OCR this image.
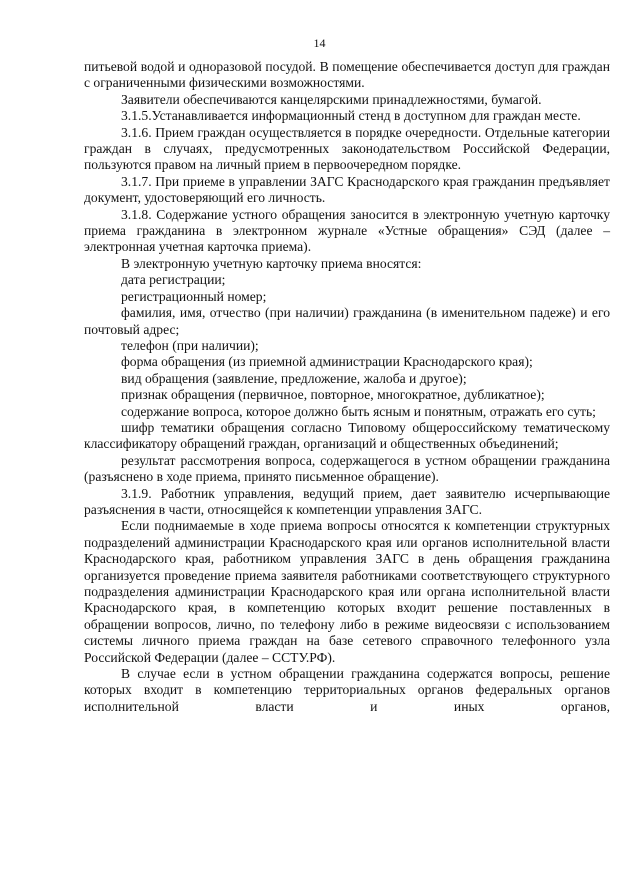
14

питьевой водой и одноразовой посудой. В помещение обеспечивается доступ для граждан с ограниченными физическими возможностями.

Заявители обеспечиваются канцелярскими принадлежностями, бумагой.

3.1.5.Устанавливается информационный стенд в доступном для граждан месте.

3.1.6. Прием граждан осуществляется в порядке очередности. Отдельные категории граждан в случаях, предусмотренных законодательством Российской Федерации, пользуются правом на личный прием в первоочередном порядке.

3.1.7. При приеме в управлении ЗАГС Краснодарского края гражданин предъявляет документ, удостоверяющий его личность.

3.1.8. Содержание устного обращения заносится в электронную учетную карточку приема гражданина в электронном журнале «Устные обращения» СЭД (далее – электронная учетная карточка приема).

В электронную учетную карточку приема вносятся:

дата регистрации;

регистрационный номер;

фамилия, имя, отчество (при наличии) гражданина (в именительном падеже) и его почтовый адрес;

телефон (при наличии);

форма обращения (из приемной администрации Краснодарского края);

вид обращения (заявление, предложение, жалоба и другое);

признак обращения (первичное, повторное, многократное, дубликатное);

содержание вопроса, которое должно быть ясным и понятным, отражать его суть;

шифр тематики обращения согласно Типовому общероссийскому тематическому классификатору обращений граждан, организаций и общественных объединений;

результат рассмотрения вопроса, содержащегося в устном обращении гражданина (разъяснено в ходе приема, принято письменное обращение).

3.1.9. Работник управления, ведущий прием, дает заявителю исчерпывающие разъяснения в части, относящейся к компетенции управления ЗАГС.

Если поднимаемые в ходе приема вопросы относятся к компетенции структурных подразделений администрации Краснодарского края или органов исполнительной власти Краснодарского края, работником управления ЗАГС в день обращения гражданина организуется проведение приема заявителя работниками соответствующего структурного подразделения администрации Краснодарского края или органа исполнительной власти Краснодарского края, в компетенцию которых входит решение поставленных в обращении вопросов, лично, по телефону либо в режиме видеосвязи с использованием системы личного приема граждан на базе сетевого справочного телефонного узла Российской Федерации (далее – ССТУ.РФ).

В случае если в устном обращении гражданина содержатся вопросы, решение которых входит в компетенцию территориальных органов федеральных органов исполнительной власти и иных органов,
